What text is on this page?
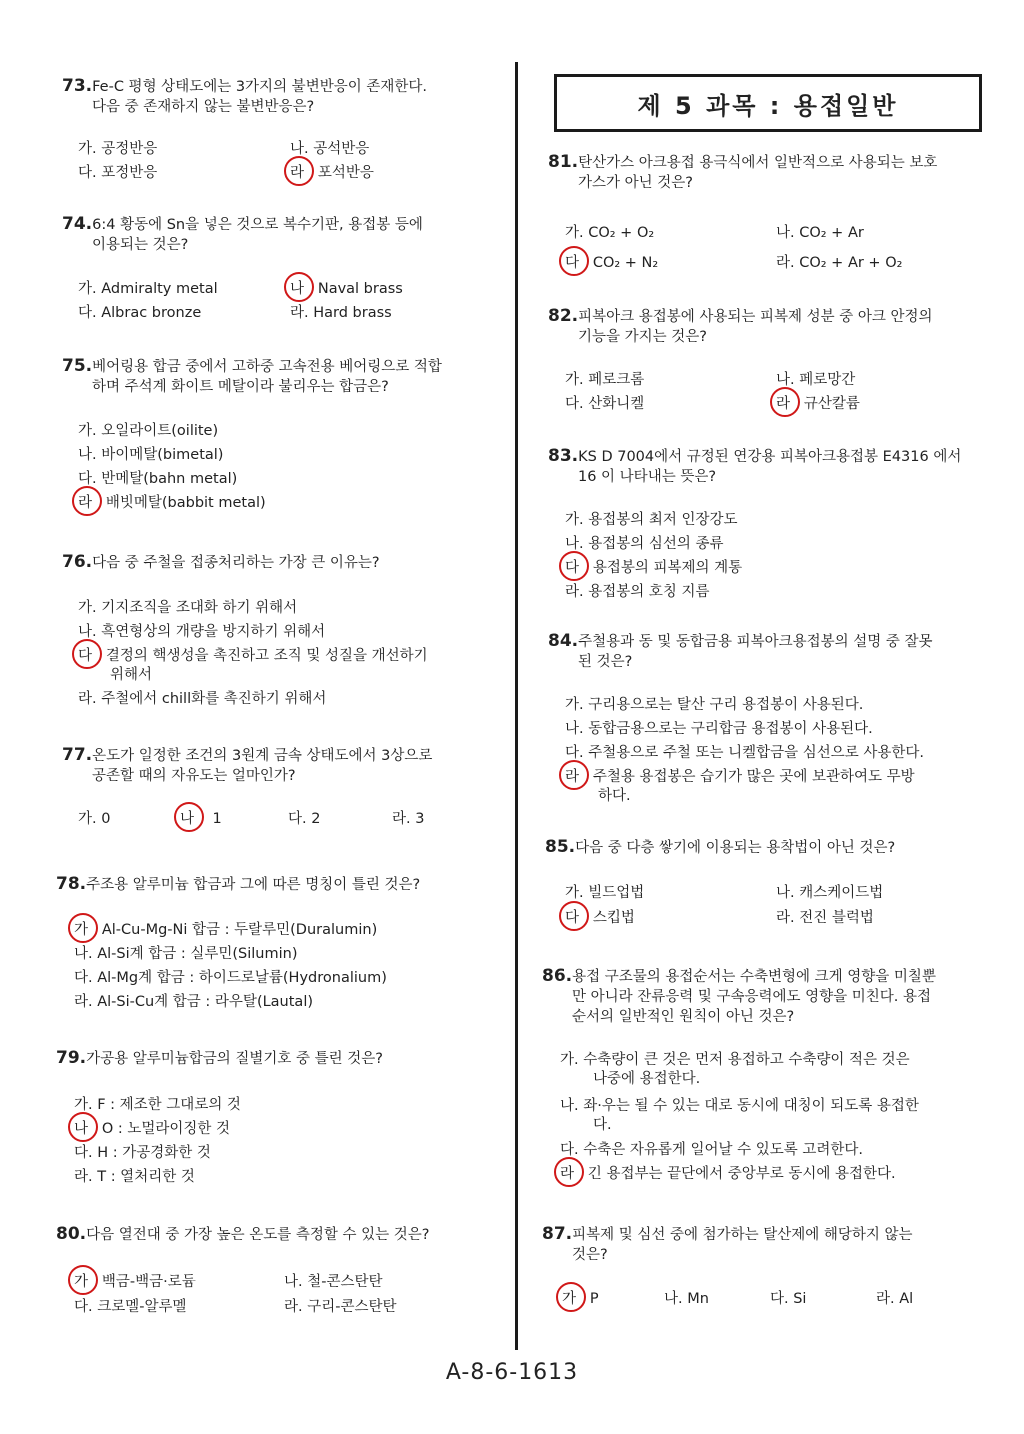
73.Fe-C 평형 상태도에는 3가지의 불변반응이 존재한다.
다음 중 존재하지 않는 불변반응은?
가. 공정반응	나. 공석반응
다. 포정반응	라 포석반응
74.6:4 황동에 Sn을 넣은 것으로 복수기판, 용접봉 등에
이용되는 것은?
가. Admiralty metal	나 Naval brass
다. Albrac bronze	라. Hard brass
75.베어링용 합금 중에서 고하중 고속전용 베어링으로 적합
하며 주석계 화이트 메탈이라 불리우는 합금은?
가. 오일라이트(oilite)
나. 바이메탈(bimetal)
다. 반메탈(bahn metal)
라 배빗메탈(babbit metal)
76.다음 중 주철을 접종처리하는 가장 큰 이유는?
가. 기지조직을 조대화 하기 위해서
나. 흑연형상의 개량을 방지하기 위해서
다 결정의 핵생성을 촉진하고 조직 및 성질을 개선하기
위해서
라. 주철에서 chill화를 촉진하기 위해서
77.온도가 일정한 조건의 3원계 금속 상태도에서 3상으로
공존할 때의 자유도는 얼마인가?
가. 0	나 1	다. 2	라. 3
78.주조용 알루미늄 합금과 그에 따른 명칭이 틀린 것은?
가 Al-Cu-Mg-Ni 합금 : 두랄루민(Duralumin)
나. Al-Si계 합금 : 실루민(Silumin)
다. Al-Mg계 합금 : 하이드로날륨(Hydronalium)
라. Al-Si-Cu계 합금 : 라우탈(Lautal)
79.가공용 알루미늄합금의 질별기호 중 틀린 것은?
가. F : 제조한 그대로의 것
나 O : 노멀라이징한 것
다. H : 가공경화한 것
라. T : 열처리한 것
80.다음 열전대 중 가장 높은 온도를 측정할 수 있는 것은?
가 백금-백금·로듐	나. 철-콘스탄탄
다. 크로멜-알루멜	라. 구리-콘스탄탄
제 5 과목 : 용접일반
81.탄산가스 아크용접 용극식에서 일반적으로 사용되는 보호
가스가 아닌 것은?
가. CO₂ + O₂	나. CO₂ + Ar
다 CO₂ + N₂	라. CO₂ + Ar + O₂
82.피복아크 용접봉에 사용되는 피복제 성분 중 아크 안정의
기능을 가지는 것은?
가. 페로크롬	나. 페로망간
다. 산화니켈	라 규산칼륨
83.KS D 7004에서 규정된 연강용 피복아크용접봉 E4316 에서
16 이 나타내는 뜻은?
가. 용접봉의 최저 인장강도
나. 용접봉의 심선의 종류
다 용접봉의 피복제의 계통
라. 용접봉의 호칭 지름
84.주철용과 동 및 동합금용 피복아크용접봉의 설명 중 잘못
된 것은?
가. 구리용으로는 탈산 구리 용접봉이 사용된다.
나. 동합금용으로는 구리합금 용접봉이 사용된다.
다. 주철용으로 주철 또는 니켈합금을 심선으로 사용한다.
라 주철용 용접봉은 습기가 많은 곳에 보관하여도 무방
하다.
85.다음 중 다층 쌓기에 이용되는 용착법이 아닌 것은?
가. 빌드업법	나. 캐스케이드법
다 스킵법	라. 전진 블럭법
86.용접 구조물의 용접순서는 수축변형에 크게 영향을 미칠뿐
만 아니라 잔류응력 및 구속응력에도 영향을 미친다. 용접
순서의 일반적인 원칙이 아닌 것은?
가. 수축량이 큰 것은 먼저 용접하고 수축량이 적은 것은
나중에 용접한다.
나. 좌·우는 될 수 있는 대로 동시에 대칭이 되도록 용접한
다.
다. 수축은 자유롭게 일어날 수 있도록 고려한다.
라 긴 용접부는 끝단에서 중앙부로 동시에 용접한다.
87.피복제 및 심선 중에 첨가하는 탈산제에 해당하지 않는
것은?
가 P	나. Mn	다. Si	라. Al
A-8-6-1613
